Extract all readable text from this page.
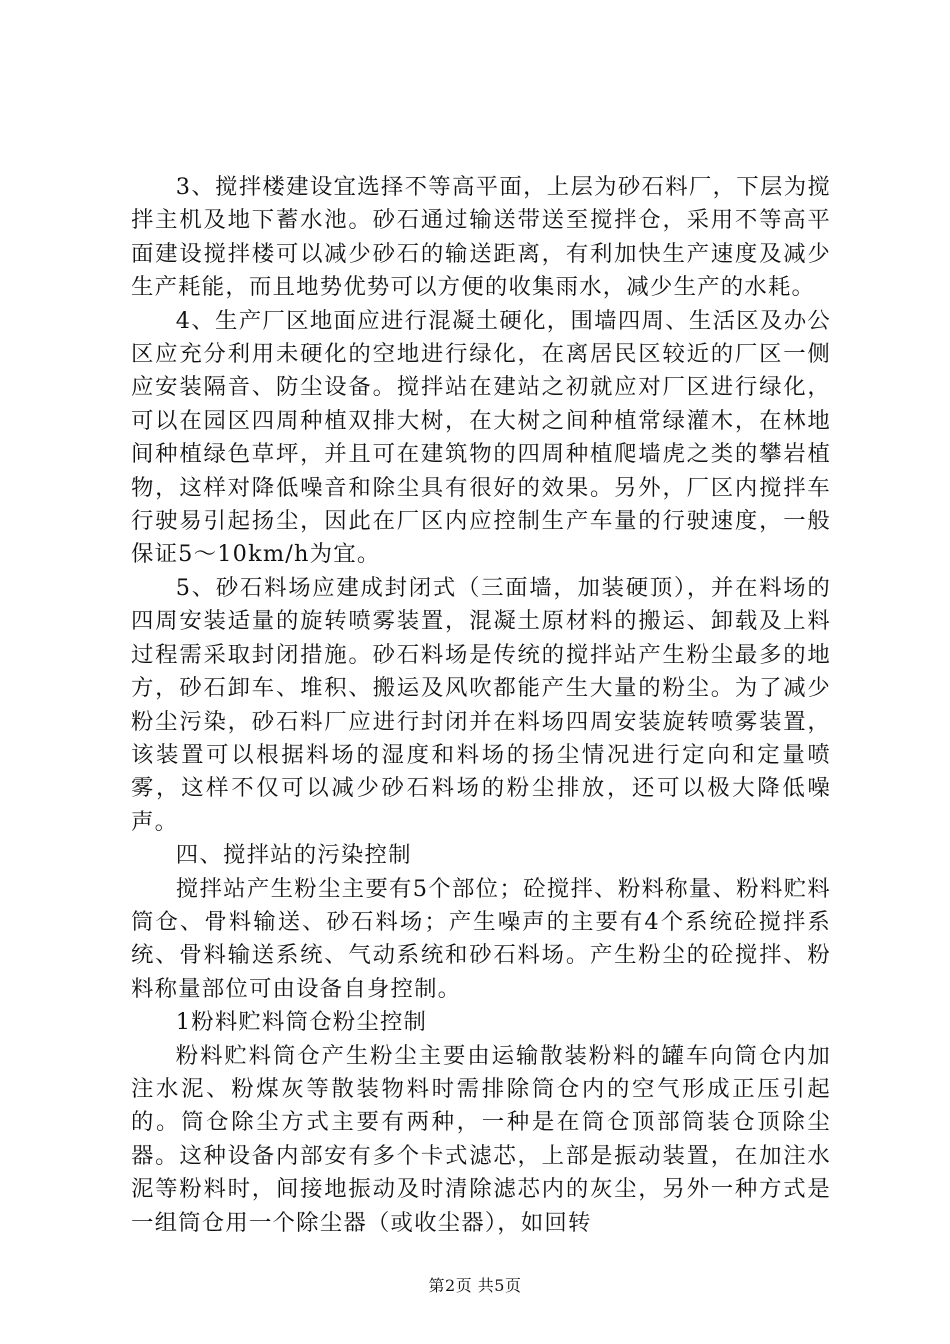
3、搅拌楼建设宜选择不等高平面，上层为砂石料厂，下层为搅拌主机及地下蓄水池。砂石通过输送带送至搅拌仓，采用不等高平面建设搅拌楼可以减少砂石的输送距离，有利加快生产速度及减少生产耗能，而且地势优势可以方便的收集雨水，减少生产的水耗。

4、生产厂区地面应进行混凝土硬化，围墙四周、生活区及办公区应充分利用未硬化的空地进行绿化，在离居民区较近的厂区一侧应安装隔音、防尘设备。搅拌站在建站之初就应对厂区进行绿化，可以在园区四周种植双排大树，在大树之间种植常绿灌木，在林地间种植绿色草坪，并且可在建筑物的四周种植爬墙虎之类的攀岩植物，这样对降低噪音和除尘具有很好的效果。另外，厂区内搅拌车行驶易引起扬尘，因此在厂区内应控制生产车量的行驶速度，一般保证5～10km/h为宜。

5、砂石料场应建成封闭式（三面墙，加装硬顶），并在料场的四周安装适量的旋转喷雾装置，混凝土原材料的搬运、卸载及上料过程需采取封闭措施。砂石料场是传统的搅拌站产生粉尘最多的地方，砂石卸车、堆积、搬运及风吹都能产生大量的粉尘。为了减少粉尘污染，砂石料厂应进行封闭并在料场四周安装旋转喷雾装置，该装置可以根据料场的湿度和料场的扬尘情况进行定向和定量喷雾，这样不仅可以减少砂石料场的粉尘排放，还可以极大降低噪声。

四、搅拌站的污染控制

搅拌站产生粉尘主要有5个部位；砼搅拌、粉料称量、粉料贮料筒仓、骨料输送、砂石料场；产生噪声的主要有4个系统砼搅拌系统、骨料输送系统、气动系统和砂石料场。产生粉尘的砼搅拌、粉料称量部位可由设备自身控制。

1粉料贮料筒仓粉尘控制

粉料贮料筒仓产生粉尘主要由运输散装粉料的罐车向筒仓内加注水泥、粉煤灰等散装物料时需排除筒仓内的空气形成正压引起的。筒仓除尘方式主要有两种，一种是在筒仓顶部筒装仓顶除尘器。这种设备内部安有多个卡式滤芯，上部是振动装置，在加注水泥等粉料时，间接地振动及时清除滤芯内的灰尘，另外一种方式是一组筒仓用一个除尘器（或收尘器），如回转

第2页 共5页
